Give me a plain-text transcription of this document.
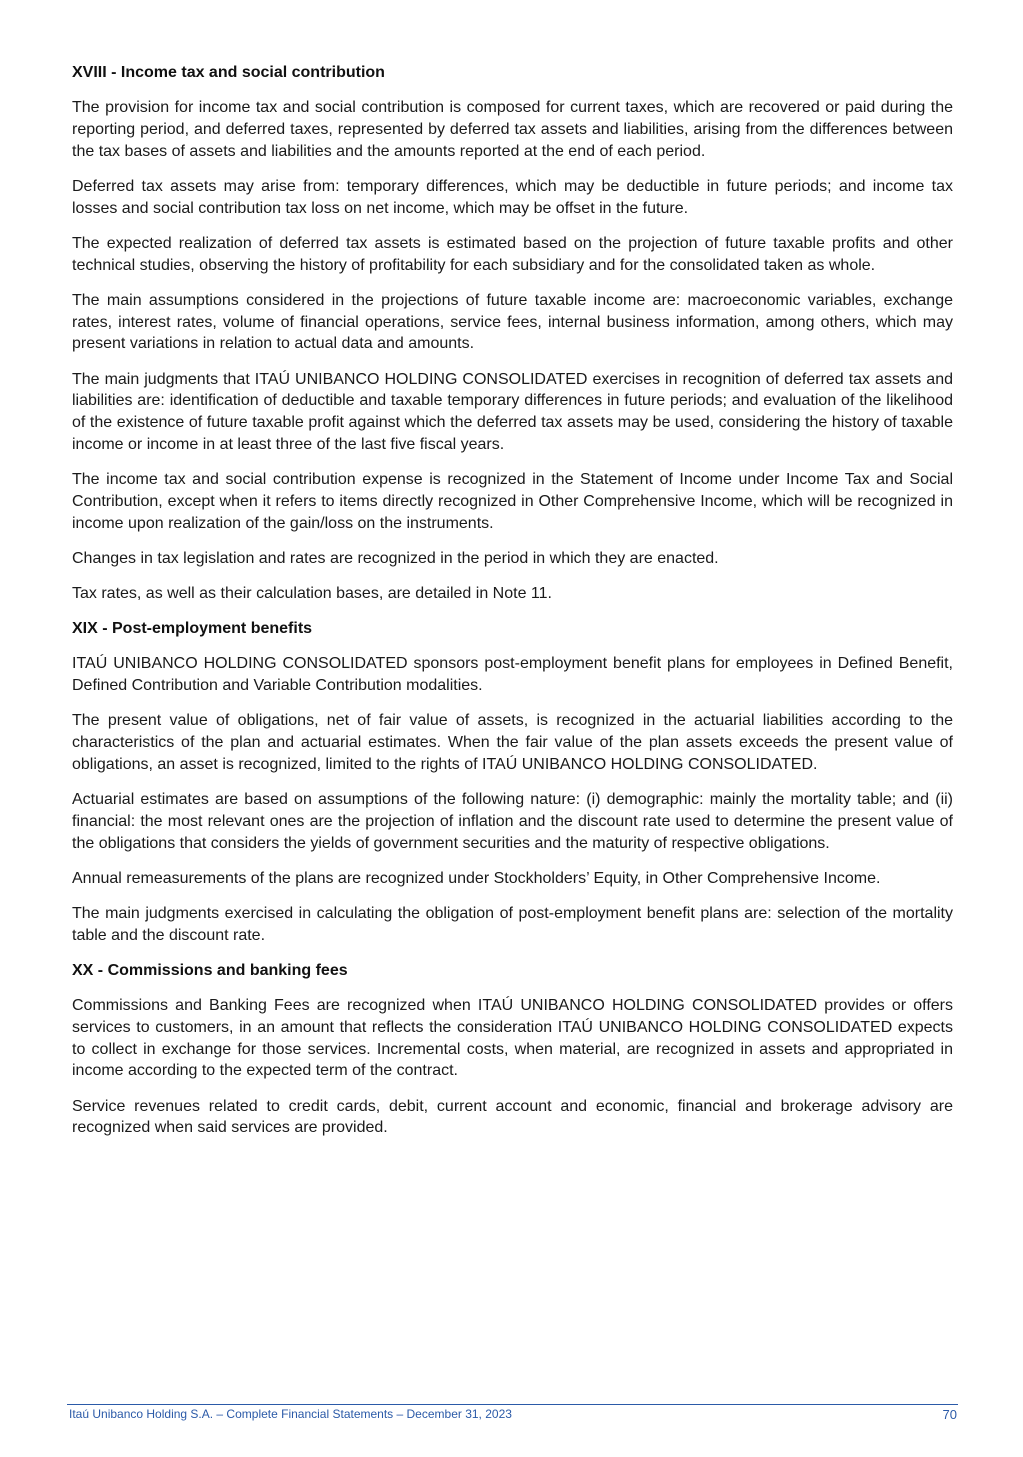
XVIII - Income tax and social contribution

The provision for income tax and social contribution is composed for current taxes, which are recovered or paid during the reporting period, and deferred taxes, represented by deferred tax assets and liabilities, arising from the differences between the tax bases of assets and liabilities and the amounts reported at the end of each period.

Deferred tax assets may arise from: temporary differences, which may be deductible in future periods; and income tax losses and social contribution tax loss on net income, which may be offset in the future.

The expected realization of deferred tax assets is estimated based on the projection of future taxable profits and other technical studies, observing the history of profitability for each subsidiary and for the consolidated taken as whole.

The main assumptions considered in the projections of future taxable income are: macroeconomic variables, exchange rates, interest rates, volume of financial operations, service fees, internal business information, among others, which may present variations in relation to actual data and amounts.

The main judgments that ITAÚ UNIBANCO HOLDING CONSOLIDATED exercises in recognition of deferred tax assets and liabilities are: identification of deductible and taxable temporary differences in future periods; and evaluation of the likelihood of the existence of future taxable profit against which the deferred tax assets may be used, considering the history of taxable income or income in at least three of the last five fiscal years.

The income tax and social contribution expense is recognized in the Statement of Income under Income Tax and Social Contribution, except when it refers to items directly recognized in Other Comprehensive Income, which will be recognized in income upon realization of the gain/loss on the instruments.

Changes in tax legislation and rates are recognized in the period in which they are enacted.

Tax rates, as well as their calculation bases, are detailed in Note 11.

XIX - Post-employment benefits

ITAÚ UNIBANCO HOLDING CONSOLIDATED sponsors post-employment benefit plans for employees in Defined Benefit, Defined Contribution and Variable Contribution modalities.

The present value of obligations, net of fair value of assets, is recognized in the actuarial liabilities according to the characteristics of the plan and actuarial estimates. When the fair value of the plan assets exceeds the present value of obligations, an asset is recognized, limited to the rights of ITAÚ UNIBANCO HOLDING CONSOLIDATED.

Actuarial estimates are based on assumptions of the following nature: (i) demographic: mainly the mortality table; and (ii) financial: the most relevant ones are the projection of inflation and the discount rate used to determine the present value of the obligations that considers the yields of government securities and the maturity of respective obligations.

Annual remeasurements of the plans are recognized under Stockholders’ Equity, in Other Comprehensive Income.

The main judgments exercised in calculating the obligation of post-employment benefit plans are: selection of the mortality table and the discount rate.

XX - Commissions and banking fees

Commissions and Banking Fees are recognized when ITAÚ UNIBANCO HOLDING CONSOLIDATED provides or offers services to customers, in an amount that reflects the consideration ITAÚ UNIBANCO HOLDING CONSOLIDATED expects to collect in exchange for those services. Incremental costs, when material, are recognized in assets and appropriated in income according to the expected term of the contract.

Service revenues related to credit cards, debit, current account and economic, financial and brokerage advisory are recognized when said services are provided.

Itaú Unibanco Holding S.A. – Complete Financial Statements – December 31, 2023	70
